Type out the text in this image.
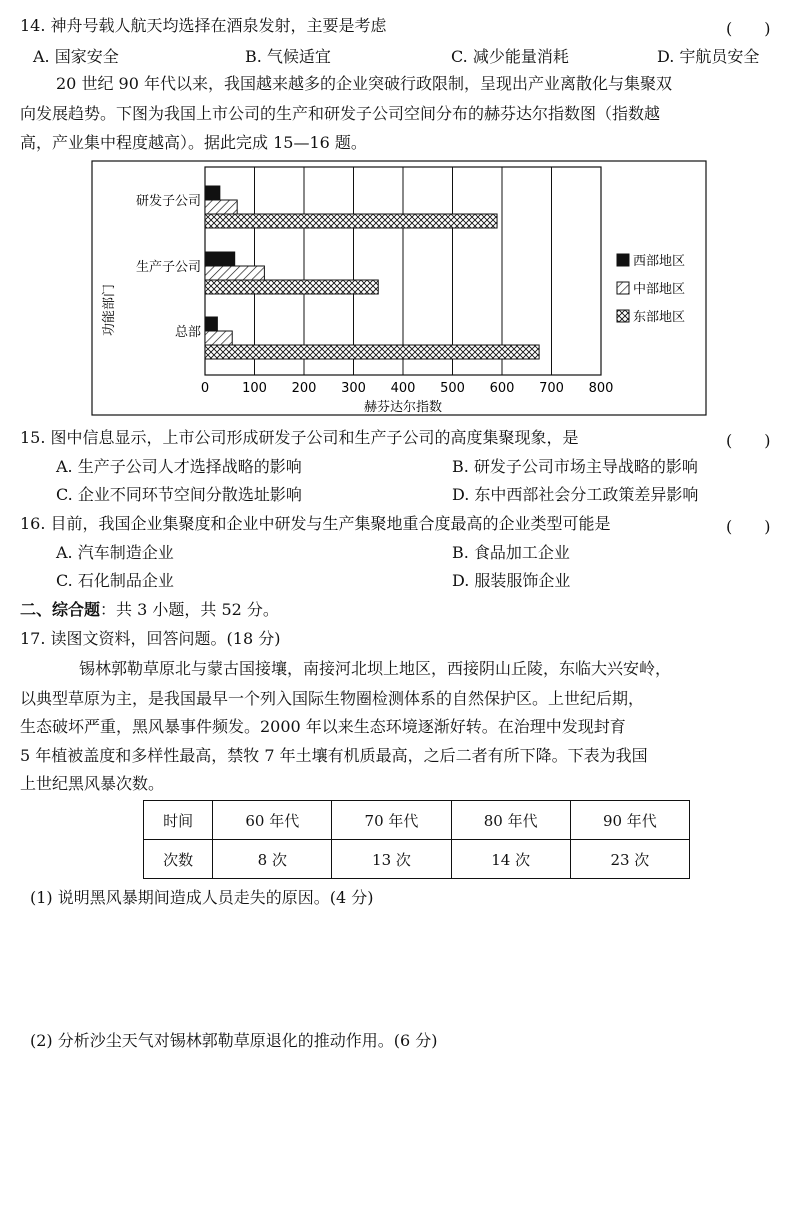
14. 神舟号载人航天均选择在酒泉发射，主要是考虑	(　　)
A. 国家安全	B. 气候适宜	C. 减少能量消耗	D. 宇航员安全
20 世纪 90 年代以来，我国越来越多的企业突破行政限制，呈现出产业离散化与集聚双
向发展趋势。下图为我国上市公司的生产和研发子公司空间分布的赫芬达尔指数图（指数越
高，产业集中程度越高）。据此完成 15—16 题。
0	100 200 300 400 500 600 700 800
研发子公司
生产子公司
总部
功能部门
赫芬达尔指数
西部地区
中部地区
东部地区
15. 图中信息显示，上市公司形成研发子公司和生产子公司的高度集聚现象，是	(　　)
A. 生产子公司人才选择战略的影响	B. 研发子公司市场主导战略的影响
C. 企业不同环节空间分散选址影响	D. 东中西部社会分工政策差异影响
16. 目前，我国企业集聚度和企业中研发与生产集聚地重合度最高的企业类型可能是	(　　)
A. 汽车制造企业	B. 食品加工企业
C. 石化制品企业	D. 服装服饰企业
二、综合题：共 3 小题，共 52 分。
17. 读图文资料，回答问题。(18 分)
锡林郭勒草原北与蒙古国接壤，南接河北坝上地区，西接阴山丘陵，东临大兴安岭，
以典型草原为主，是我国最早一个列入国际生物圈检测体系的自然保护区。上世纪后期，
生态破坏严重，黑风暴事件频发。2000 年以来生态环境逐渐好转。在治理中发现封育
5 年植被盖度和多样性最高，禁牧 7 年土壤有机质最高，之后二者有所下降。下表为我国
上世纪黑风暴次数。
时间	60 年代	70 年代	80 年代	90 年代
次数	8 次	13 次	14 次	23 次
(1) 说明黑风暴期间造成人员走失的原因。(4 分)
(2) 分析沙尘天气对锡林郭勒草原退化的推动作用。(6 分)
